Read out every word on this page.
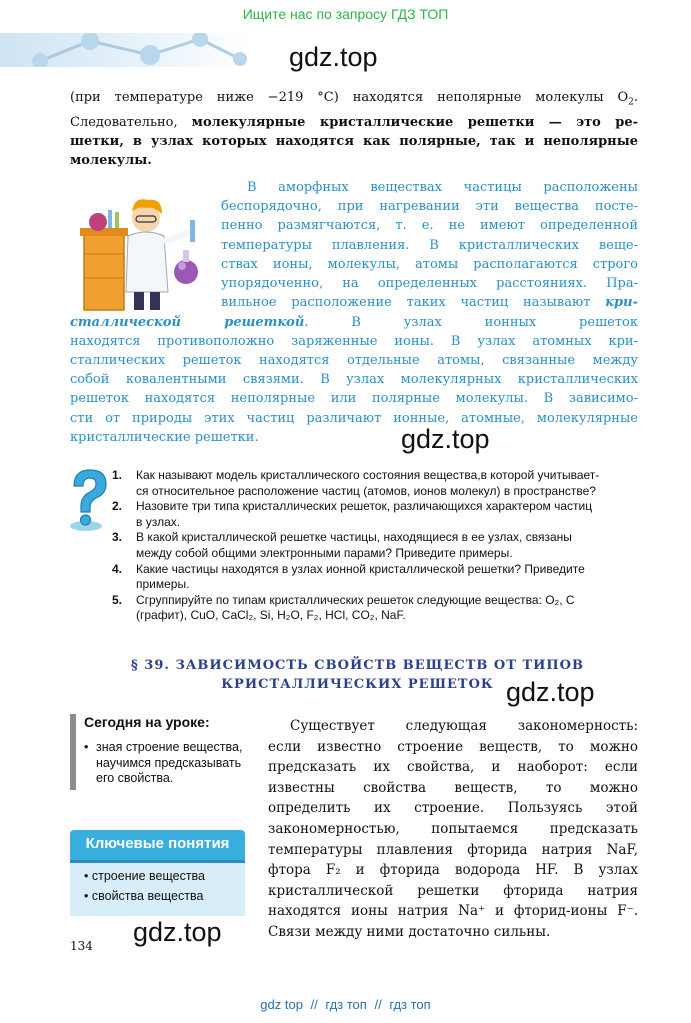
Ищите нас по запросу ГДЗ ТОП
gdz.top
gdz.top
gdz.top
gdz.top
(при температуре ниже −219 °C) находятся неполярные молекулы $O_2$.
Следовательно, молекулярные кристаллические решетки — это ре-
шетки, в узлах которых находятся как полярные, так и неполярные
молекулы.
В аморфных веществах частицы расположены
беспорядочно, при нагревании эти вещества посте-
пенно размягчаются, т. е. не имеют определенной
температуры плавления. В кристаллических веще-
ствах ионы, молекулы, атомы располагаются строго
упорядоченно, на определенных расстояниях. Пра-
вильное расположение таких частиц называют кри-
сталлической решеткой. В узлах ионных решеток
находятся противоположно заряженные ионы. В узлах атомных кри-
сталлических решеток находятся отдельные атомы, связанные между
собой ковалентными связями. В узлах молекулярных кристаллических
решеток находятся неполярные или полярные молекулы. В зависимо-
сти от природы этих частиц различают ионные, атомные, молекулярные
кристаллические решетки.
1.	Как называют модель кристаллического состояния вещества,в которой учитывает-
ся относительное расположение частиц (атомов, ионов молекул) в пространстве?
2.	Назовите три типа кристаллических решеток, различающихся характером частиц
в узлах.
3.	В какой кристаллической решетке частицы, находящиеся в ее узлах, связаны
между собой общими электронными парами? Приведите примеры.
4.	Какие частицы находятся в узлах ионной кристаллической решетки? Приведите
примеры.
5.	Сгруппируйте по типам кристаллических решеток следующие вещества: O₂, С
(графит), CuO, CaCl₂, Si, H₂O, F₂, HCl, CO₂, NaF.
§ 39. ЗАВИСИМОСТЬ СВОЙСТВ ВЕЩЕСТВ ОТ ТИПОВ
КРИСТАЛЛИЧЕСКИХ РЕШЕТОК
Сегодня на уроке:
• зная строение вещества,
научимся предсказывать
его свойства.
Ключевые понятия
• строение вещества
• свойства вещества
Существует следующая закономерность:
если известно строение веществ, то можно
предсказать их свойства, и наоборот: если
известны свойства веществ, то можно
определить их строение. Пользуясь этой
закономерностью, попытаемся предсказать
температуры плавления фторида натрия NaF,
фтора F₂ и фторида водорода HF. В узлах
кристаллической решетки фторида натрия
находятся ионы натрия Na⁺ и фторид-ионы F⁻.
Связи между ними достаточно сильны.
134
gdz top // гдз топ // гдз топ
